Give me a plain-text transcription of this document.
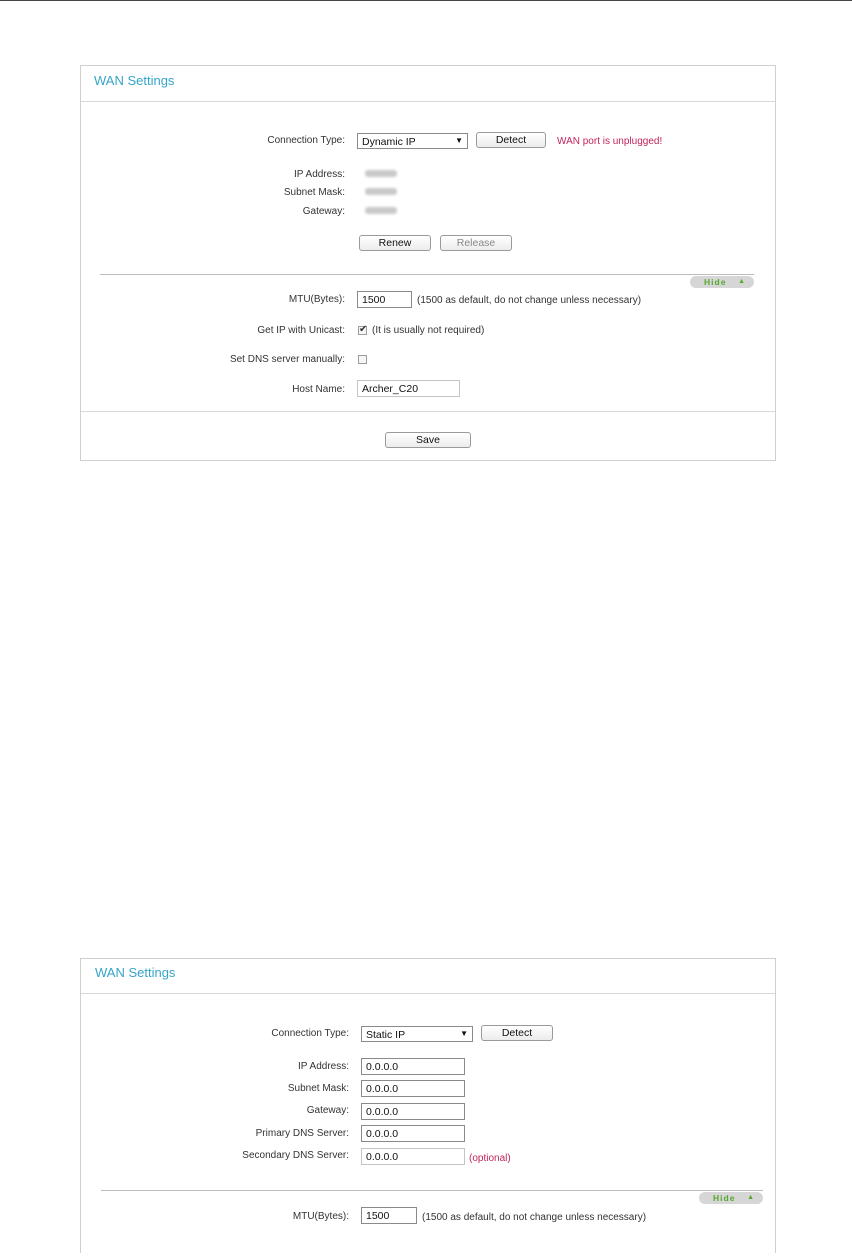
WAN Settings
Connection Type:	Dynamic IP	▼	Detect	WAN port is unplugged!
IP Address:
Subnet Mask:
Gateway:
Renew	Release
Hide ▲
MTU(Bytes):
1500	(1500 as default, do not change unless necessary)
Get IP with Unicast: ✔ (It is usually not required)
Set DNS server manually:
Host Name:
Archer_C20
Save
WAN Settings
Connection Type:	Static IP	▼	Detect
IP Address:
0.0.0.0
Subnet Mask:
0.0.0.0
Gateway:
0.0.0.0
Primary DNS Server:
0.0.0.0
Secondary DNS Server:
0.0.0.0	(optional)
Hide ▲
MTU(Bytes):
1500	(1500 as default, do not change unless necessary)
